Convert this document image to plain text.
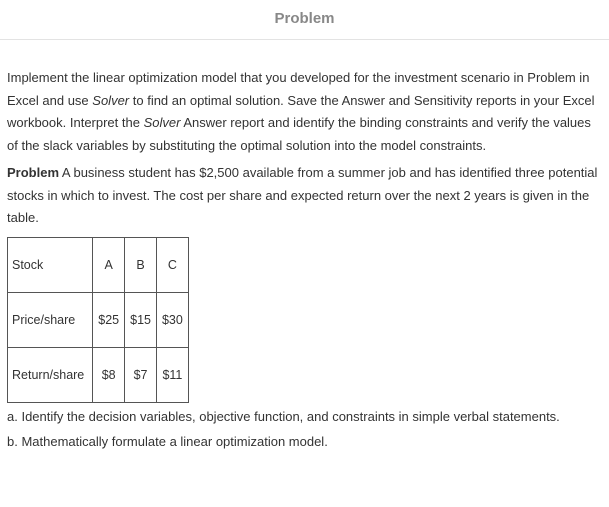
Problem

Implement the linear optimization model that you developed for the investment scenario in Problem in Excel and use Solver to find an optimal solution. Save the Answer and Sensitivity reports in your Excel workbook. Interpret the Solver Answer report and identify the binding constraints and verify the values of the slack variables by substituting the optimal solution into the model constraints.

Problem A business student has $2,500 available from a summer job and has identified three potential stocks in which to invest. The cost per share and expected return over the next 2 years is given in the table.

Stock	A	B	C
Price/share	$25	$15	$30
Return/share	$8	$7	$11

a. Identify the decision variables, objective function, and constraints in simple verbal statements.

b. Mathematically formulate a linear optimization model.
